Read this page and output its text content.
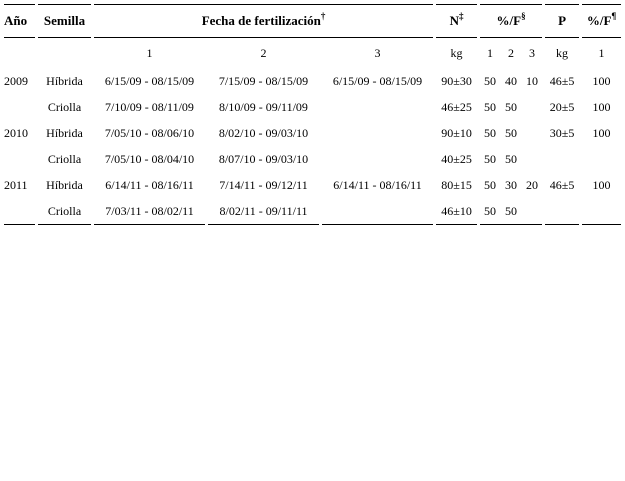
Año		Semilla		Fecha de fertilización†						N‡		%/F§				P		%/F¶
				1		2		3		kg		1	2	3		kg		1
2009		Híbrida		6/15/09 - 08/15/09		7/15/09 - 08/15/09		6/15/09 - 08/15/09		90±30		50	40	10		46±5		100
		Criolla		7/10/09 - 08/11/09		8/10/09 - 09/11/09				46±25		50	50			20±5		100
2010		Híbrida		7/05/10 - 08/06/10		8/02/10 - 09/03/10				90±10		50	50			30±5		100
		Criolla		7/05/10 - 08/04/10		8/07/10 - 09/03/10				40±25		50	50					
2011		Híbrida		6/14/11 - 08/16/11		7/14/11 - 09/12/11		6/14/11 - 08/16/11		80±15		50	30	20		46±5		100
		Criolla		7/03/11 - 08/02/11		8/02/11 - 09/11/11				46±10		50	50					
